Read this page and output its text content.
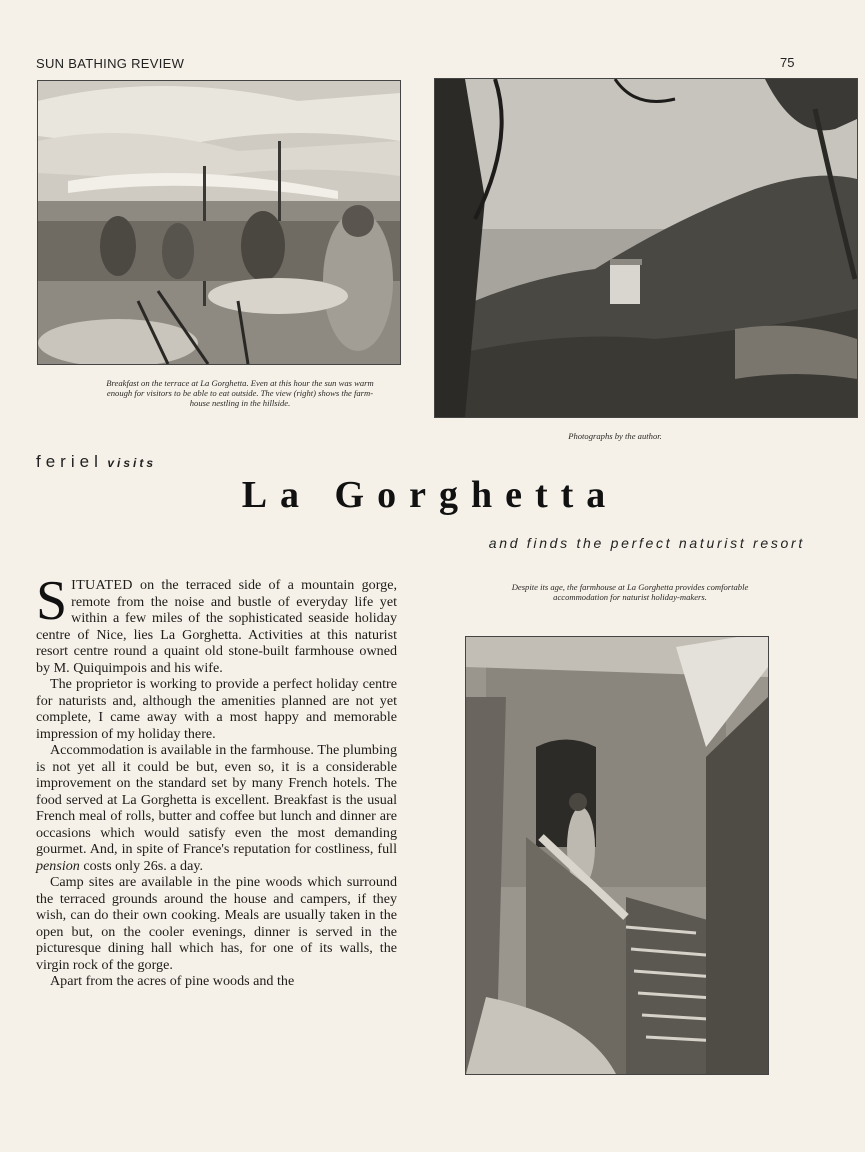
SUN BATHING REVIEW	75
Breakfast on the terrace at La Gorghetta. Even at this hour the sun was warm enough for visitors to be able to eat outside. The view (right) shows the farm-house nestling in the hillside.
Photographs by the author.
feriel visits
La Gorghetta
and finds the perfect naturist resort
Despite its age, the farmhouse at La Gorghetta provides comfortable accommodation for naturist holiday-makers.

SITUATED on the terraced side of a mountain gorge, remote from the noise and bustle of everyday life yet within a few miles of the sophisticated seaside holiday centre of Nice, lies La Gorghetta. Activities at this naturist resort centre round a quaint old stone-built farmhouse owned by M. Quiquimpois and his wife.

The proprietor is working to provide a perfect holiday centre for naturists and, although the amenities planned are not yet complete, I came away with a most happy and memorable impression of my holiday there.

Accommodation is available in the farmhouse. The plumbing is not yet all it could be but, even so, it is a considerable improvement on the standard set by many French hotels. The food served at La Gorghetta is excellent. Breakfast is the usual French meal of rolls, butter and coffee but lunch and dinner are occasions which would satisfy even the most demanding gourmet. And, in spite of France's reputation for costliness, full pension costs only 26s. a day.

Camp sites are available in the pine woods which surround the terraced grounds around the house and campers, if they wish, can do their own cooking. Meals are usually taken in the open but, on the cooler evenings, dinner is served in the picturesque dining hall which has, for one of its walls, the virgin rock of the gorge.

Apart from the acres of pine woods and the
